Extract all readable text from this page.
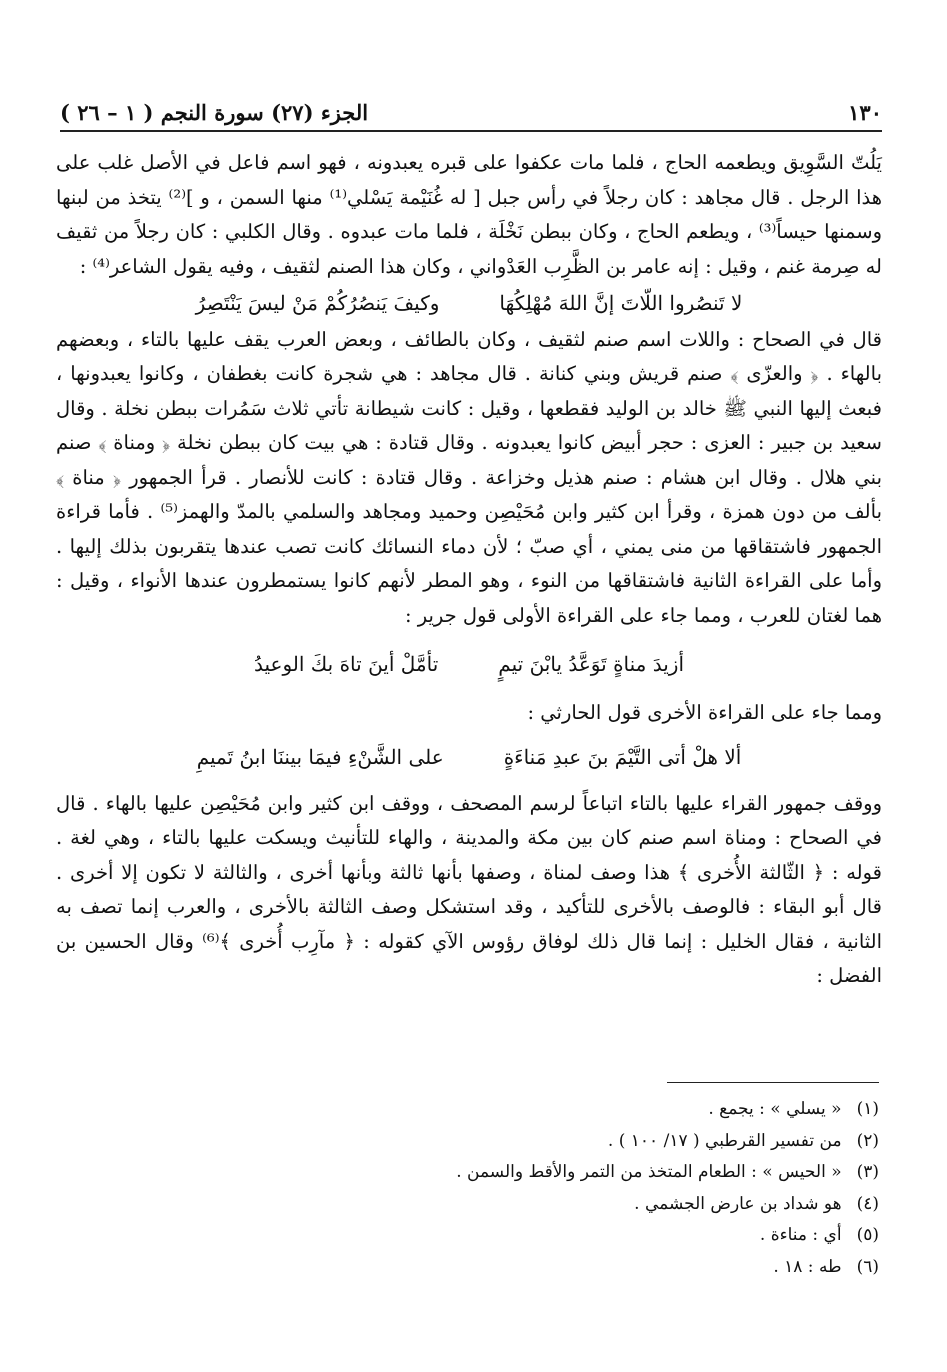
١٣٠
الجزء (٢٧) سورة النجم ( ١ – ٢٦ )

يَلُتّ السَّوِيق ويطعمه الحاج ، فلما مات عكفوا على قبره يعبدونه ، فهو اسم فاعل في الأصل غلب على هذا الرجل . قال مجاهد : كان رجلاً في رأس جبل [ له غُنَيْمة يَسْلي⁽¹⁾ منها السمن ، و ]⁽²⁾ يتخذ من لبنها وسمنها حيساً⁽³⁾ ، ويطعم الحاج ، وكان ببطن نَخْلَة ، فلما مات عبدوه . وقال الكلبي : كان رجلاً من ثقيف له صِرمة غنم ، وقيل : إنه عامر بن الظَّرِب العَدْواني ، وكان هذا الصنم لثقيف ، وفيه يقول الشاعر⁽⁴⁾ :

لا تَنصُروا اللّاتَ إنَّ اللهَ مُهْلِكُهَا
وكيفَ يَنصُرُكُمْ مَنْ ليسَ يَنْتَصِرُ

قال في الصحاح : واللات اسم صنم لثقيف ، وكان بالطائف ، وبعض العرب يقف عليها بالتاء ، وبعضهم بالهاء . ﴿ والعزّى ﴾ صنم قريش وبني كنانة . قال مجاهد : هي شجرة كانت بغطفان ، وكانوا يعبدونها ، فبعث إليها النبي ﷺ خالد بن الوليد فقطعها ، وقيل : كانت شيطانة تأتي ثلاث سَمُرات ببطن نخلة . وقال سعيد بن جبير : العزى : حجر أبيض كانوا يعبدونه . وقال قتادة : هي بيت كان ببطن نخلة ﴿ ومناة ﴾ صنم بني هلال . وقال ابن هشام : صنم هذيل وخزاعة . وقال قتادة : كانت للأنصار . قرأ الجمهور ﴿ مناة ﴾ بألف من دون همزة ، وقرأ ابن كثير وابن مُحَيْصِن وحميد ومجاهد والسلمي بالمدّ والهمز⁽⁵⁾ . فأما قراءة الجمهور فاشتقاقها من منى يمني ، أي صبّ ؛ لأن دماء النسائك كانت تصب عندها يتقربون بذلك إليها . وأما على القراءة الثانية فاشتقاقها من النوء ، وهو المطر لأنهم كانوا يستمطرون عندها الأنواء ، وقيل : هما لغتان للعرب ، ومما جاء على القراءة الأولى قول جرير :

أزيدَ مناةٍ تَوَعَّدُ يابْنَ تيمٍ
تأمَّلْ أينَ تاهَ بكَ الوعيدُ

ومما جاء على القراءة الأخرى قول الحارثي :

ألا هلْ أتى التَّيْمَ بنَ عبدِ مَناءَةٍ
على الشَّنْءِ فيمَا بيننَا ابنُ تَميمِ

ووقف جمهور القراء عليها بالتاء اتباعاً لرسم المصحف ، ووقف ابن كثير وابن مُحَيْصِن عليها بالهاء . قال في الصحاح : ومناة اسم صنم كان بين مكة والمدينة ، والهاء للتأنيث ويسكت عليها بالتاء ، وهي لغة . قوله : ﴿ الثّالثة الأُخرى ﴾ هذا وصف لمناة ، وصفها بأنها ثالثة وبأنها أخرى ، والثالثة لا تكون إلا أخرى . قال أبو البقاء : فالوصف بالأخرى للتأكيد ، وقد استشكل وصف الثالثة بالأخرى ، والعرب إنما تصف به الثانية ، فقال الخليل : إنما قال ذلك لوفاق رؤوس الآي كقوله : ﴿ مآرِب أُخرى ﴾⁽⁶⁾ وقال الحسين بن الفضل :

(١) « يسلي » : يجمع .
(٢) من تفسير القرطبي ( ١٧/ ١٠٠ ) .
(٣) « الحيس » : الطعام المتخذ من التمر والأقط والسمن .
(٤) هو شداد بن عارض الجشمي .
(٥) أي : مناءة .
(٦) طه : ١٨ .
